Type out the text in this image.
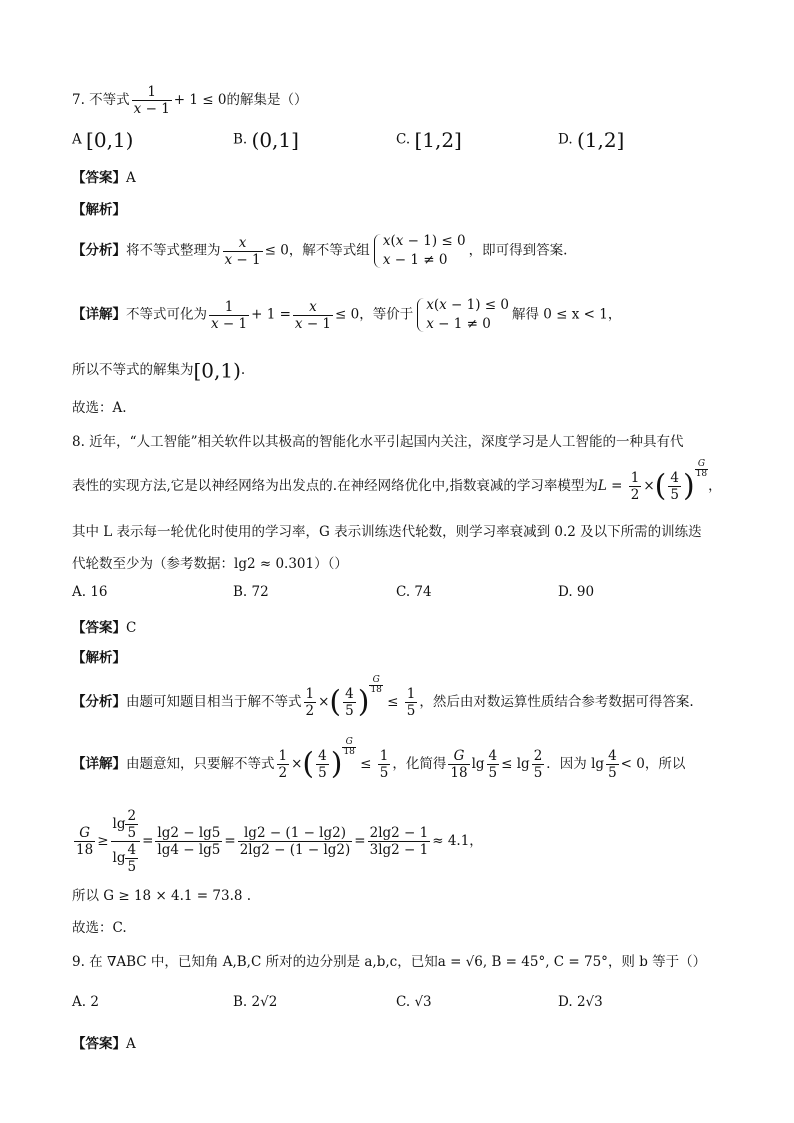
7. 不等式 $\frac{1}{x - 1} + 1 \le 0$的解集是（）
A [0,1)	B. (0,1]	C. [1,2]	D. (1,2]
【答案】A
【解析】
【分析】将不等式整理为 $\frac{x}{x - 1} \le 0$，解不等式组
x(x − 1) ≤ 0
x − 1 ≠ 0
，即可得到答案.
【详解】不等式可化为 $\frac{1}{x - 1} + 1 = \frac{x}{x - 1} \le 0$，等价于
x(x − 1) ≤ 0
x − 1 ≠ 0
解得 0 ≤ x < 1，
所以不等式的解集为[0,1).
故选：A.
8. 近年，“人工智能”相关软件以其极高的智能化水平引起国内关注，深度学习是人工智能的一种具有代
表性的实现方法,它是以神经网络为出发点的.在神经网络优化中,指数衰减的学习率模型为$L = \frac{1}{2}$ ×( $\frac{4}{5}$ ) $\frac{G}{18}$
，
其中 L 表示每一轮优化时使用的学习率，G 表示训练迭代轮数，则学习率衰减到 0.2 及以下所需的训练迭
代轮数至少为（参考数据：lg2 ≈ 0.301）（）
A. 16	B. 72	C. 74	D. 90
【答案】C
【解析】
【分析】由题可知题目相当于解不等式 $\frac{1}{2}$ ×( $\frac{4}{5}$ ) $\frac{G}{18}$
≤ $\frac{1}{5}$ ，然后由对数运算性质结合参考数据可得答案.
【详解】由题意知，只要解不等式 $\frac{1}{2}$ ×( $\frac{4}{5}$ ) $\frac{G}{18}$
≤ $\frac{1}{5}$ ，化简得 $\frac{G}{18}$ $\lg \frac{4}{5} \le \lg \frac{2}{5}$ ．因为 $\lg \frac{4}{5} < 0$，所以
$\frac{G}{18} \ge \frac{\lg \frac{2}{5}}{\lg \frac{4}{5}} = \frac{\lg 2 - \lg 5}{\lg 4 - \lg 5} = \frac{\lg 2 - (1 - \lg 2)}{2\lg 2 - (1 - \lg 2)} = \frac{2\lg 2 - 1}{3\lg 2 - 1} \approx 4.1$，
所以 G ≥ 18 × 4.1 = 73.8 .
故选：C.
9. 在 ∇ABC 中，已知角 A,B,C 所对的边分别是 a,b,c，已知a = √6, B = 45°, C = 75°，则 b 等于（）
A. 2	B. 2√2	C. √3	D. 2√3
【答案】A
